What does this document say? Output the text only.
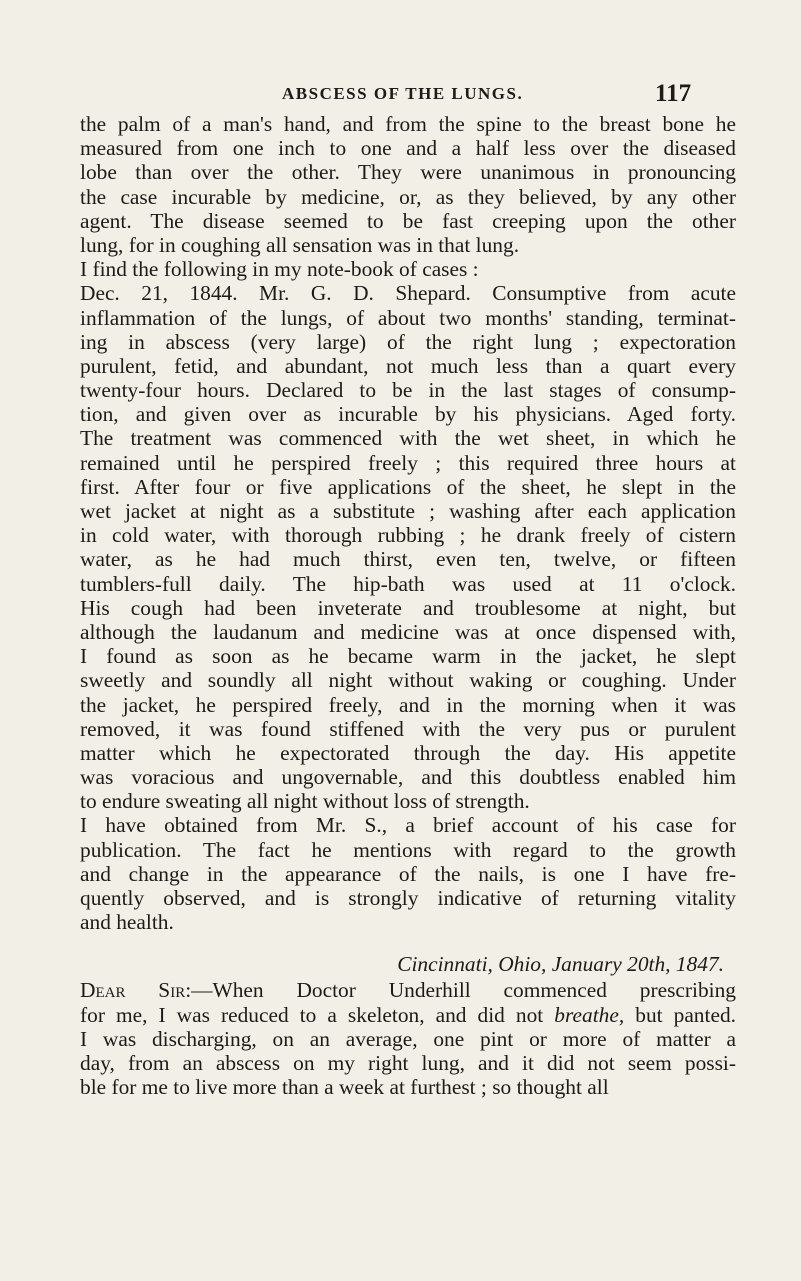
ABSCESS OF THE LUNGS.	117
the palm of a man's hand, and from the spine to the breast bone he
measured from one inch to one and a half less over the diseased
lobe than over the other. They were unanimous in pronouncing
the case incurable by medicine, or, as they believed, by any other
agent. The disease seemed to be fast creeping upon the other
lung, for in coughing all sensation was in that lung.
I find the following in my note-book of cases :
Dec. 21, 1844. Mr. G. D. Shepard. Consumptive from acute
inflammation of the lungs, of about two months' standing, terminat-
ing in abscess (very large) of the right lung ; expectoration
purulent, fetid, and abundant, not much less than a quart every
twenty-four hours. Declared to be in the last stages of consump-
tion, and given over as incurable by his physicians. Aged forty.
The treatment was commenced with the wet sheet, in which he
remained until he perspired freely ; this required three hours at
first. After four or five applications of the sheet, he slept in the
wet jacket at night as a substitute ; washing after each application
in cold water, with thorough rubbing ; he drank freely of cistern
water, as he had much thirst, even ten, twelve, or fifteen
tumblers-full daily. The hip-bath was used at 11 o'clock.
His cough had been inveterate and troublesome at night, but
although the laudanum and medicine was at once dispensed with,
I found as soon as he became warm in the jacket, he slept
sweetly and soundly all night without waking or coughing. Under
the jacket, he perspired freely, and in the morning when it was
removed, it was found stiffened with the very pus or purulent
matter which he expectorated through the day. His appetite
was voracious and ungovernable, and this doubtless enabled him
to endure sweating all night without loss of strength.
I have obtained from Mr. S., a brief account of his case for
publication. The fact he mentions with regard to the growth
and change in the appearance of the nails, is one I have fre-
quently observed, and is strongly indicative of returning vitality
and health.
Cincinnati, Ohio, January 20th, 1847.
Dear Sir:—When Doctor Underhill commenced prescribing
for me, I was reduced to a skeleton, and did not breathe, but panted.
I was discharging, on an average, one pint or more of matter a
day, from an abscess on my right lung, and it did not seem possi-
ble for me to live more than a week at furthest ; so thought all
